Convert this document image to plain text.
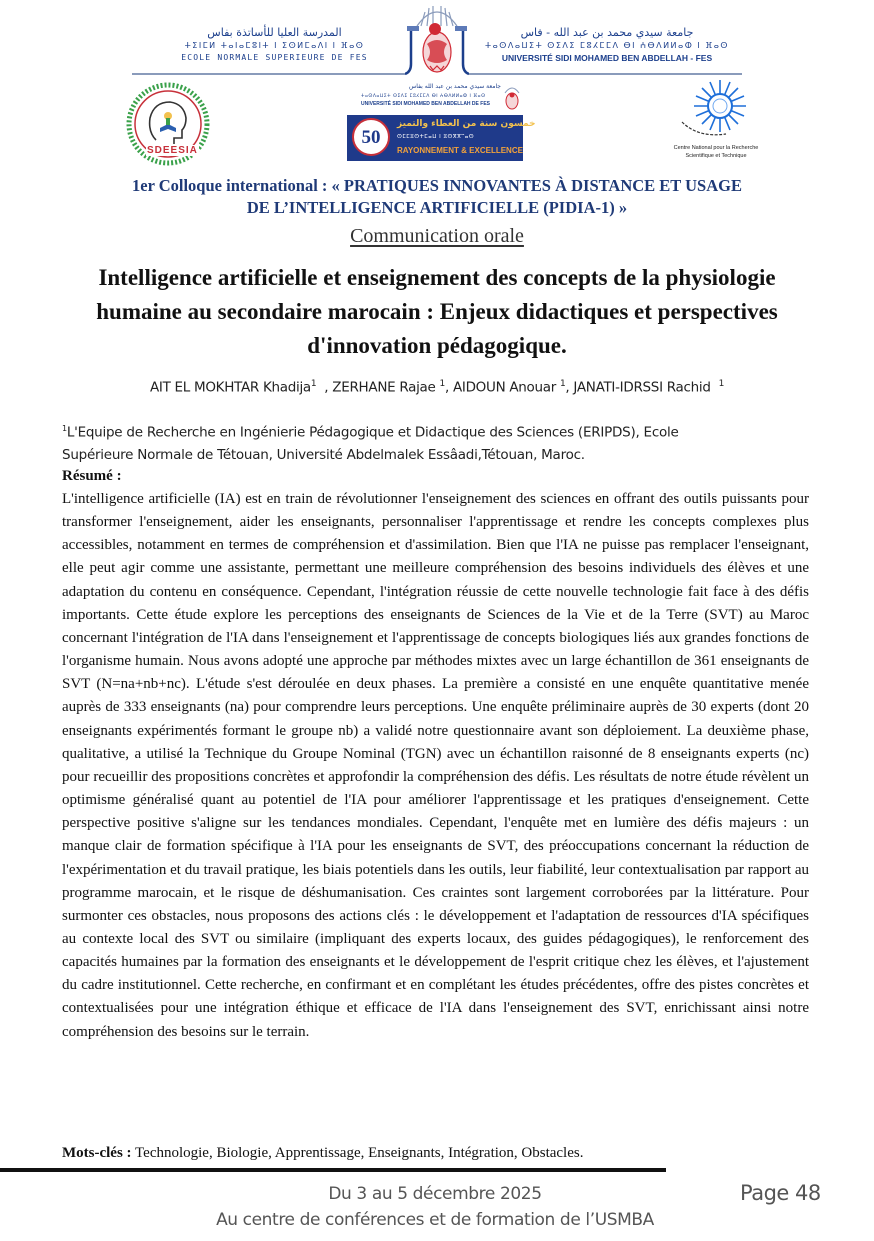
المدرسة العليا للأساتذة بفاس
ⵜⵉⵏⵎⵍ ⵜⴰⵏⴰⵎⵓⵏⵜ ⵏ ⵉⵙⵍⵎⴰⴷⵏ ⵏ ⴼⴰⵙ
ECOLE NORMALE SUPERIEURE DE FES
جامعة سيدي محمد بن عبد الله - فاس
ⵜⴰⵙⴷⴰⵡⵉⵜ ⵙⵉⴷⵉ ⵎⵓⵃⵎⵎⴷ ⴱⵏ ⵄⴱⴷⵍⵍⴰⵀ ⵏ ⴼⴰⵙ
UNIVERSITÉ SIDI MOHAMED BEN ABDELLAH - FES
SDEESIA
جامعة سيدي محمد بن عبد الله بفاس
ⵜⴰⵙⴷⴰⵡⵉⵜ ⵙⵉⴷⵉ ⵎⵓⵃⵎⵎⴷ ⴱⵏ ⵄⴱⴷⵍⵍⴰⵀ ⵏ ⴼⴰⵙ
UNIVERSITÉ SIDI MOHAMED BEN ABDELLAH DE FES
50
خمسون سنة من العطاء والتميز
ⵙⵎⵎⵓⵙⵜⵎⴰⵡ ⵏ ⵓⵙⴳⴳⵯⴰⵙ
RAYONNEMENT & EXCELLENCE	Centre National pour la Recherche
Scientifique et Technique
1er Colloque international : « PRATIQUES INNOVANTES À DISTANCE ET USAGE
DE L’INTELLIGENCE ARTIFICIELLE (PIDIA-1) »
Communication orale
Intelligence artificielle et enseignement des concepts de la physiologie
humaine au secondaire marocain : Enjeux didactiques et perspectives
d'innovation pédagogique.
AIT EL MOKHTAR Khadija$^1$  , ZERHANE Rajae $^1$, AIDOUN Anouar $^1$, JANATI-IDRSSI Rachid  $^1$
$^1$L'Equipe de Recherche en Ingénierie Pédagogique et Didactique des Sciences (ERIPDS), Ecole
Supérieure Normale de Tétouan, Université Abdelmalek Essâadi,Tétouan, Maroc.
Résumé :
L'intelligence artificielle (IA) est en train de révolutionner l'enseignement des sciences en offrant des outils puissants pour transformer l'enseignement, aider les enseignants, personnaliser l'apprentissage et rendre les concepts complexes plus accessibles, notamment en termes de compréhension et d'assimilation. Bien que l'IA ne puisse pas remplacer l'enseignant, elle peut agir comme une assistante, permettant une meilleure compréhension des besoins individuels des élèves et une adaptation du contenu en conséquence. Cependant, l'intégration réussie de cette nouvelle technologie fait face à des défis importants. Cette étude explore les perceptions des enseignants de Sciences de la Vie et de la Terre (SVT) au Maroc concernant l'intégration de l'IA dans l'enseignement et l'apprentissage de concepts biologiques liés aux grandes fonctions de l'organisme humain. Nous avons adopté une approche par méthodes mixtes avec un large échantillon de 361 enseignants de SVT (N=na+nb+nc). L'étude s'est déroulée en deux phases. La première a consisté en une enquête quantitative menée auprès de 333 enseignants (na) pour comprendre leurs perceptions. Une enquête préliminaire auprès de 30 experts (dont 20 enseignants expérimentés formant le groupe nb) a validé notre questionnaire avant son déploiement. La deuxième phase, qualitative, a utilisé la Technique du Groupe Nominal (TGN) avec un échantillon raisonné de 8 enseignants experts (nc) pour recueillir des propositions concrètes et approfondir la compréhension des défis. Les résultats de notre étude révèlent un optimisme généralisé quant au potentiel de l'IA pour améliorer l'apprentissage et les pratiques d'enseignement. Cette perspective positive s'aligne sur les tendances mondiales. Cependant, l'enquête met en lumière des défis majeurs : un manque clair de formation spécifique à l'IA pour les enseignants de SVT, des préoccupations concernant la réduction de l'expérimentation et du travail pratique, les biais potentiels dans les outils, leur fiabilité, leur contextualisation par rapport au programme marocain, et le risque de déshumanisation. Ces craintes sont largement corroborées par la littérature. Pour surmonter ces obstacles, nous proposons des actions clés : le développement et l'adaptation de ressources d'IA spécifiques au contexte local des SVT ou similaire (impliquant des experts locaux, des guides pédagogiques), le renforcement des capacités humaines par la formation des enseignants et le développement de l'esprit critique chez les élèves, et l'ajustement du cadre institutionnel. Cette recherche, en confirmant et en complétant les études précédentes, offre des pistes concrètes et contextualisées pour une intégration éthique et efficace de l'IA dans l'enseignement des SVT, enrichissant ainsi notre compréhension des besoins sur le terrain.
Mots-clés : Technologie, Biologie, Apprentissage, Enseignants, Intégration, Obstacles.
Du 3 au 5 décembre 2025
Au centre de conférences et de formation de l’USMBA
Page 48
